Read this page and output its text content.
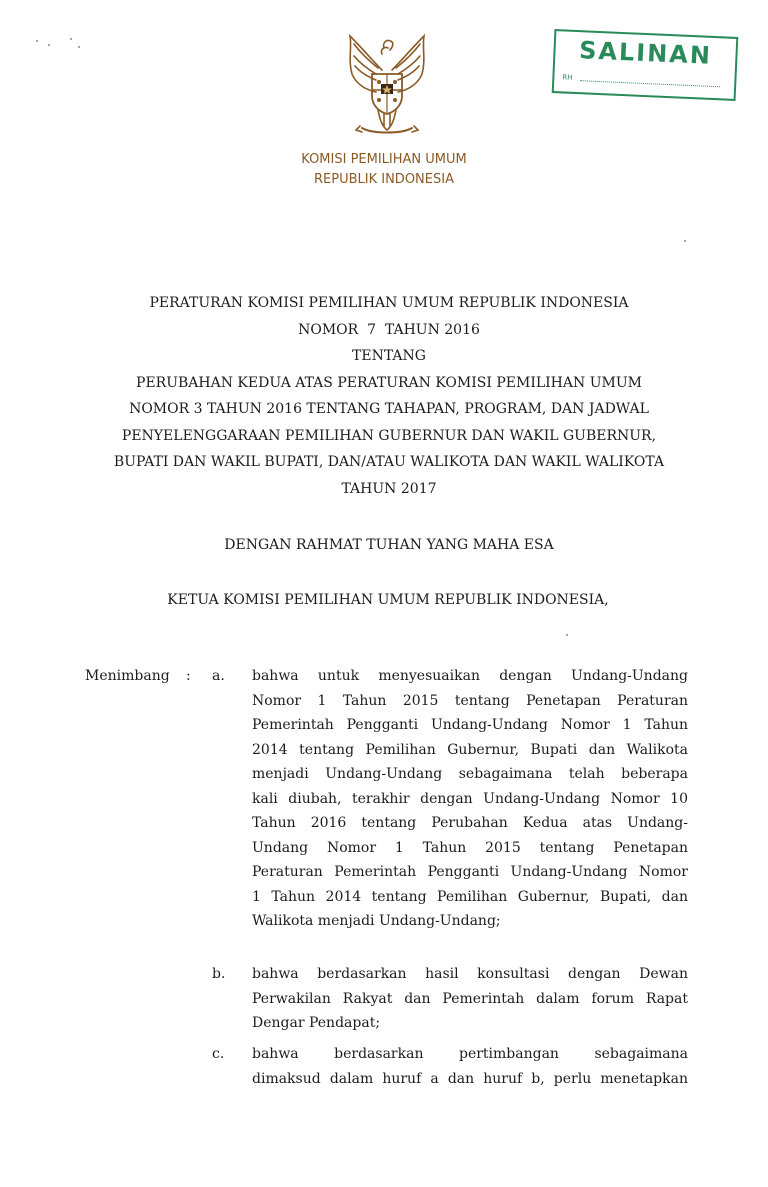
KOMISI PEMILIHAN UMUM
REPUBLIK INDONESIA
SALINAN
RH
PERATURAN KOMISI PEMILIHAN UMUM REPUBLIK INDONESIA
NOMOR  7  TAHUN 2016
TENTANG
PERUBAHAN KEDUA ATAS PERATURAN KOMISI PEMILIHAN UMUM
NOMOR 3 TAHUN 2016 TENTANG TAHAPAN, PROGRAM, DAN JADWAL
PENYELENGGARAAN PEMILIHAN GUBERNUR DAN WAKIL GUBERNUR,
BUPATI DAN WAKIL BUPATI, DAN/ATAU WALIKOTA DAN WAKIL WALIKOTA
TAHUN 2017
DENGAN RAHMAT TUHAN YANG MAHA ESA
KETUA KOMISI PEMILIHAN UMUM REPUBLIK INDONESIA,
Menimbang : a. bahwa untuk menyesuaikan dengan Undang-Undang
Nomor 1 Tahun 2015 tentang Penetapan Peraturan
Pemerintah Pengganti Undang-Undang Nomor 1 Tahun
2014 tentang Pemilihan Gubernur, Bupati dan Walikota
menjadi Undang-Undang sebagaimana telah beberapa
kali diubah, terakhir dengan Undang-Undang Nomor 10
Tahun 2016 tentang Perubahan Kedua atas Undang-
Undang Nomor 1 Tahun 2015 tentang Penetapan
Peraturan Pemerintah Pengganti Undang-Undang Nomor
1 Tahun 2014 tentang Pemilihan Gubernur, Bupati, dan
Walikota menjadi Undang-Undang;
b. bahwa berdasarkan hasil konsultasi dengan Dewan
Perwakilan Rakyat dan Pemerintah dalam forum Rapat
Dengar Pendapat;
c. bahwa berdasarkan pertimbangan sebagaimana
dimaksud dalam huruf a dan huruf b, perlu menetapkan
